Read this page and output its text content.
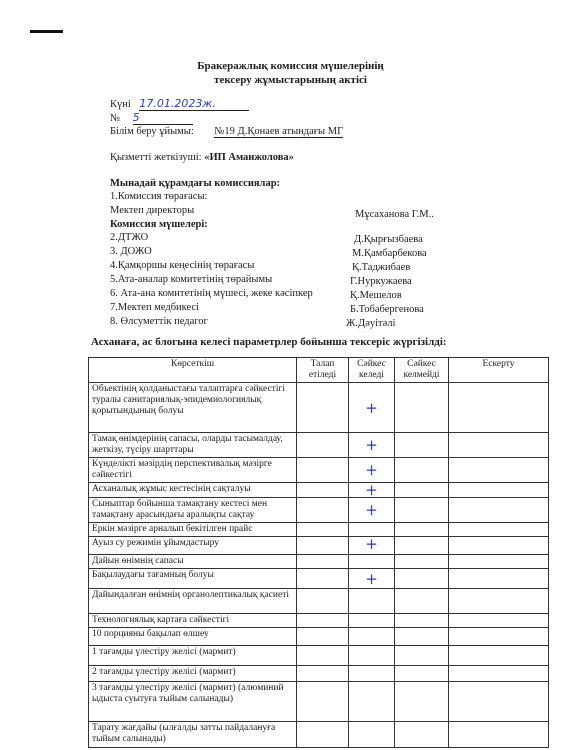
Бракеражлық комиссия мүшелерінің
тексеру жұмыстарының актісі
Күні 17.01.2023ж.
№ 5
Білім беру ұйымы: №19 Д.Қонаев атындағы МГ
Қызметті жеткізуші: «ИП Аманжолова»
Мынадай құрамдағы комиссиялар:
1.Комиссия төрағасы:
Мектеп директоры	Мұсаханова Г.М..
Комиссия мүшелері:
2.ДТЖО	Д.Қырғызбаева
3. ДОЖО	М.Қамбарбекова
4.Қамқоршы кеңесінің төрағасы	Қ.Таджибаев
5.Ата-аналар комитетінің төрайымы	Г.Нуркужаева
6. Ата-ана комитетінің мүшесі, жеке кәсіпкер	Қ.Мешелов
7.Мектеп медбикесі	Б.Тобабергенова
8. Өлсуметтік педагог	Ж.Дәуітәлі
Асханаға, ас блогына келесі параметрлер бойынша тексеріс жүргізілді:
Көрсеткіш	Талап етіледі	Сәйкес келеді	Сәйкес келмейді	Ескерту
Объектінің қолданыстағы талаптарға сәйкестігі туралы санитариялық-эпидемиологиялық қорытындының болуы		+		
Тамақ өнімдерінің сапасы, оларды тасымалдау, жеткізу, түсіру шарттары		+		
Күнделікті мәзірдің перспективалық мәзірге сәйкестігі		+		
Асханалық жұмыс кестесінің сақталуы		+		
Сыныптар бойынша тамақтану кестесі мен тамақтану арасындағы аралықты сақтау		+		
Еркін мәзірге арналып бекітілген прайс				
Ауыз су режимін ұйымдастыру		+		
Дайын өнімнің сапасы				
Бақылаудағы тағамның болуы		+		
Дайындалған өнімнің органолептикалық қасиеті				
Технологиялық картаға сәйкестігі				
10 порцияны бақылап өлшеу				
1 тағамды үлестіру желісі (мармит)				
2 тағамды үлестіру желісі (мармит)				
3 тағамды үлестіру желісі (мармит) (алюминий ыдыста суытуға тыйым салынады)				
Тарату жағдайы (ылғалды затты пайдалануға тыйым салынады)				
